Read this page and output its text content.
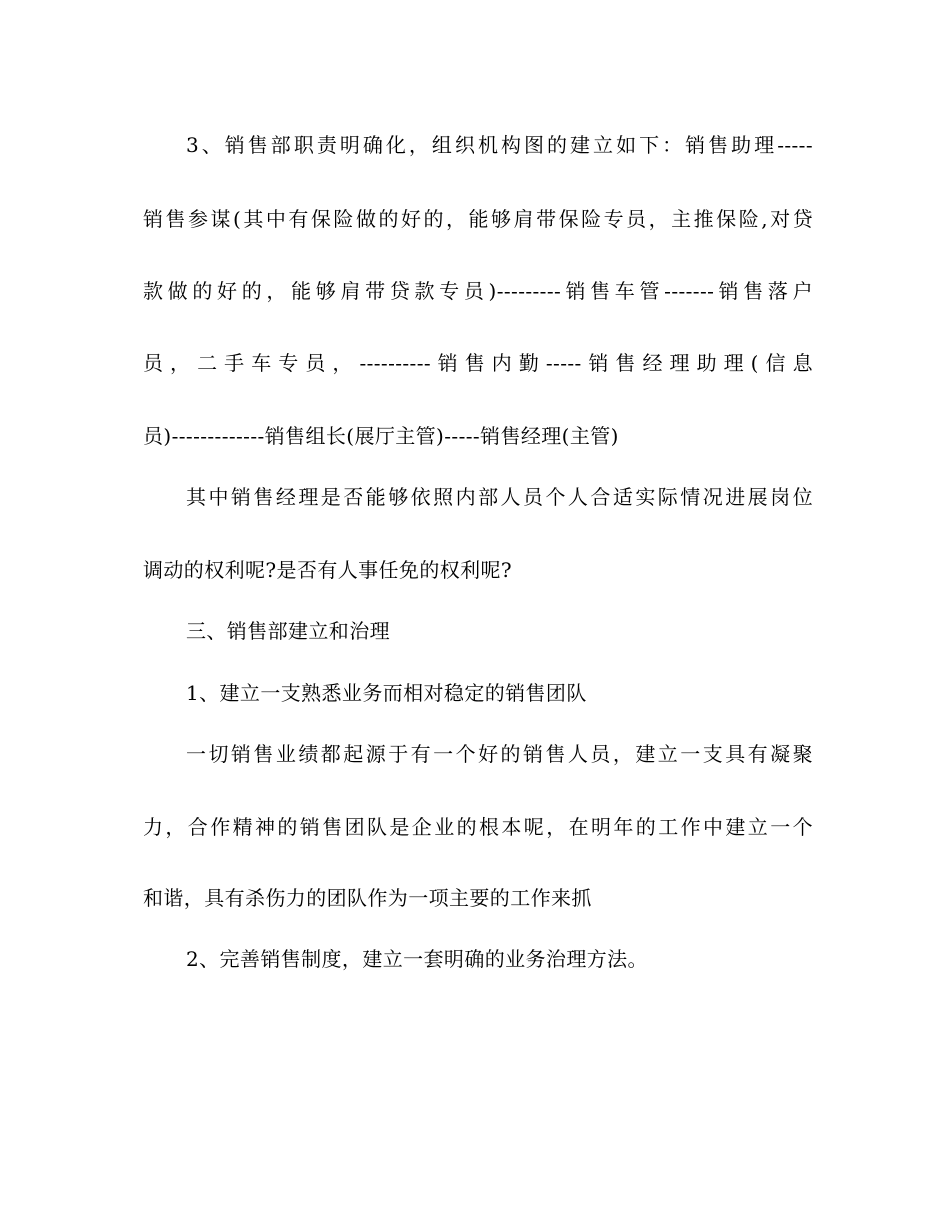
3、销售部职责明确化，组织机构图的建立如下：销售助理-----
销售参谋(其中有保险做的好的，能够肩带保险专员，主推保险,对贷
款做的好的，能够肩带贷款专员)---------销售车管-------销售落户
员，二手车专员，----------销售内勤-----销售经理助理(信息
员)-------------销售组长(展厅主管)-----销售经理(主管)
其中销售经理是否能够依照内部人员个人合适实际情况进展岗位
调动的权利呢?是否有人事任免的权利呢?
三、销售部建立和治理
1、建立一支熟悉业务而相对稳定的销售团队
一切销售业绩都起源于有一个好的销售人员，建立一支具有凝聚
力，合作精神的销售团队是企业的根本呢，在明年的工作中建立一个
和谐，具有杀伤力的团队作为一项主要的工作来抓
2、完善销售制度，建立一套明确的业务治理方法。
